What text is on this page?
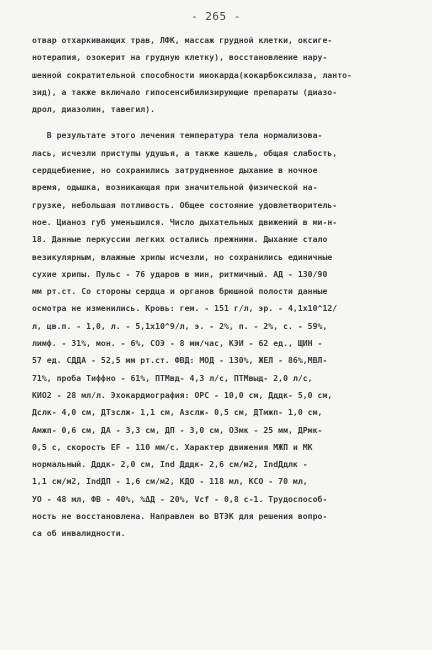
- 265 -
отвар отхаркивающих трав, ЛФК, массаж грудной клетки, оксиге-
нотерапия, озокерит на грудную клетку), восстановление нару-
шенной сократительной способности миокарда(кокарбоксилаза, ланто-
зид), а также включало гипосенсибилизирующие препараты (диазо-
дрол, диазолин, тавегил).
В результате этого лечения температура тела нормализова-
лась, исчезли приступы удушья, а также кашель, общая слабость,
сердцебиение, но сохранились затрудненное дыхание в ночное
время, одышка, возникающая при значительной физической на-
грузке, небольшая потливость. Общее состояние удовлетворитель-
ное. Цианоз губ уменьшился. Число дыхательных движений в ми-н-
18. Данные перкуссии легких остались прежними. Дыхание стало
везикулярным, влажные хрипы исчезли, но сохранились единичные
сухие хрипы. Пульс - 76 ударов в мин, ритмичный. АД - 130/90
мм рт.ст. Со стороны сердца и органов брюшной полости данные
осмотра не изменились. Кровь: гем. - 151 г/л, эр. - 4,1x10^12/
л, цв.п. - 1,0, л. - 5,1x10^9/л, э. - 2%, п. - 2%, с. - 59%,
лимф. - 31%, мон. - 6%, СОЭ - 8 мм/час, КЭИ - 62 ед., ЩИН -
57 ед. СДДА - 52,5 мм рт.ст. ФВД: МОД - 130%, ЖЕЛ - 86%,МВЛ-
71%, проба Тиффно - 61%, ПТМвд- 4,3 л/с, ПТМвыд- 2,0 л/с,
КИО2 - 28 мл/л. Эхокардиография: ОРС - 10,0 см, Дддк- 5,0 см,
Дслк- 4,0 см, ДТзслж- 1,1 см, Азслж- 0,5 см, ДТмжп- 1,0 см,
Амжп- 0,6 см, ДА - 3,3 см, ДП - 3,0 см, ОЗмк - 25 мм, ДРмк-
0,5 с, скорость EF - 110 мм/с. Характер движения МЖП и МК
нормальный. Дддк- 2,0 см, Ind Дддк- 2,6 см/м2, IndДдлк -
1,1 см/м2, IndДП - 1,6 см/м2, КДО - 118 мл, КСО - 70 мл,
УО - 48 мл, ФВ - 40%, %ΔД - 20%, Vcf - 0,8 c-1. Трудоспособ-
ность не восстановлена. Направлен во ВТЭК для решения вопро-
са об инвалидности.
